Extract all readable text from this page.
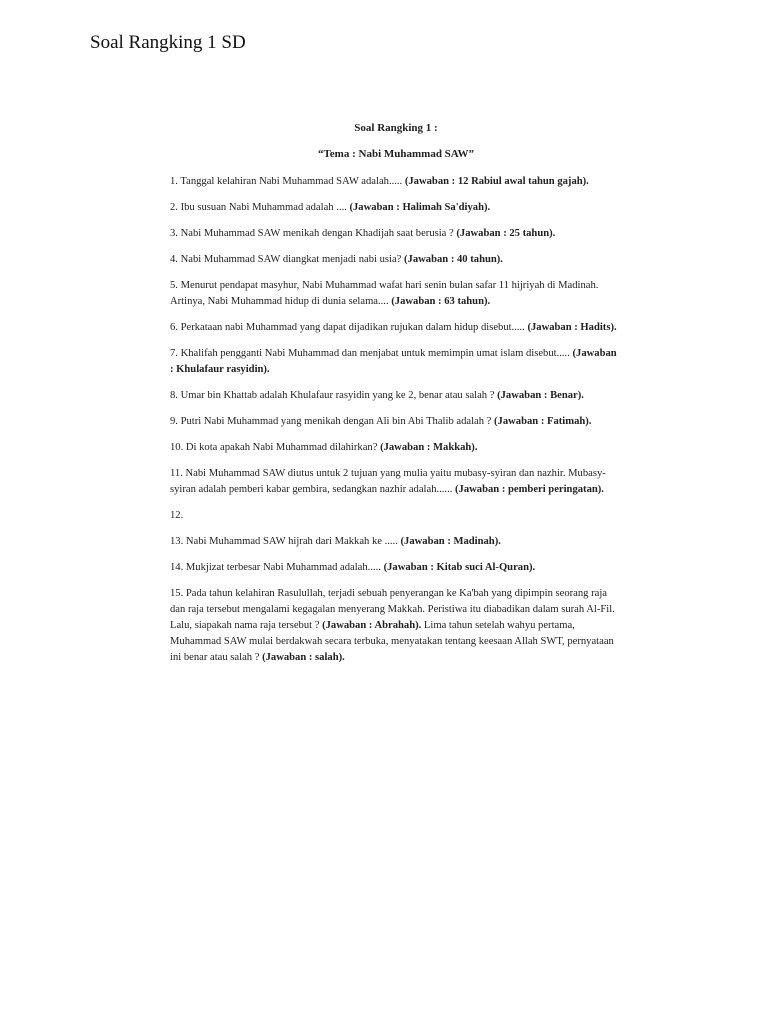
Soal Rangking 1 SD

Soal Rangking 1 :

“Tema : Nabi Muhammad SAW”

1. Tanggal kelahiran Nabi Muhammad SAW adalah..... (Jawaban : 12 Rabiul awal tahun gajah).

2. Ibu susuan Nabi Muhammad adalah .... (Jawaban : Halimah Sa'diyah).

3. Nabi Muhammad SAW menikah dengan Khadijah saat berusia ? (Jawaban : 25 tahun).

4. Nabi Muhammad SAW diangkat menjadi nabi usia? (Jawaban : 40 tahun).

5. Menurut pendapat masyhur, Nabi Muhammad wafat hari senin bulan safar 11 hijriyah di Madinah. Artinya, Nabi Muhammad hidup di dunia selama.... (Jawaban : 63 tahun).

6. Perkataan nabi Muhammad yang dapat dijadikan rujukan dalam hidup disebut..... (Jawaban : Hadits).

7. Khalifah pengganti Nabi Muhammad dan menjabat untuk memimpin umat islam disebut..... (Jawaban : Khulafaur rasyidin).

8. Umar bin Khattab adalah Khulafaur rasyidin yang ke 2, benar atau salah ? (Jawaban : Benar).

9. Putri Nabi Muhammad yang menikah dengan Ali bin Abi Thalib adalah ? (Jawaban : Fatimah).

10. Di kota apakah Nabi Muhammad dilahirkan? (Jawaban : Makkah).

11. Nabi Muhammad SAW diutus untuk 2 tujuan yang mulia yaitu mubasy-syiran dan nazhir. Mubasy-syiran adalah pemberi kabar gembira, sedangkan nazhir adalah...... (Jawaban : pemberi peringatan).

12.

13. Nabi Muhammad SAW hijrah dari Makkah ke ..... (Jawaban : Madinah).

14. Mukjizat terbesar Nabi Muhammad adalah..... (Jawaban : Kitab suci Al-Quran).

15. Pada tahun kelahiran Rasulullah, terjadi sebuah penyerangan ke Ka'bah yang dipimpin seorang raja dan raja tersebut mengalami kegagalan menyerang Makkah. Peristiwa itu diabadikan dalam surah Al-Fil. Lalu, siapakah nama raja tersebut ? (Jawaban : Abrahah). Lima tahun setelah wahyu pertama, Muhammad SAW mulai berdakwah secara terbuka, menyatakan tentang keesaan Allah SWT, pernyataan ini benar atau salah ? (Jawaban : salah).
